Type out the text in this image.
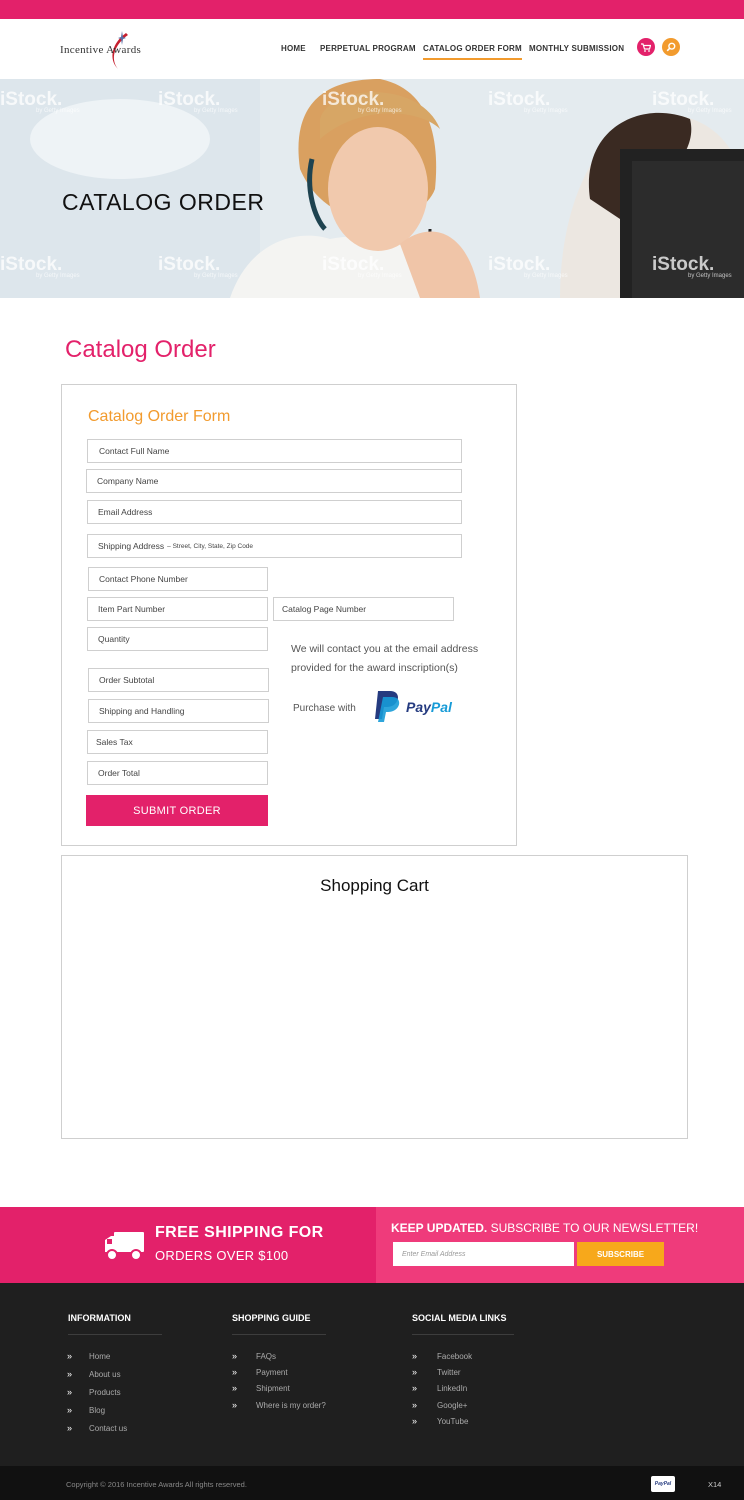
Incentive Awards	HOME PERPETUAL PROGRAM CATALOG ORDER FORM MONTHLY SUBMISSION
iStock.
by Getty Images
iStock.
by Getty Images
iStock.
by Getty Images
iStock.
by Getty Images
iStock.
by Getty Images
iStock.
by Getty Images
iStock.
by Getty Images
iStock.
by Getty Images
iStock.
by Getty Images
iStock.
by Getty Images
CATALOG ORDER
Catalog Order
Catalog Order Form
Contact Full Name
Company Name
Email Address
Shipping Address – Street, City, State, Zip Code
Contact Phone Number
Item Part Number	Catalog Page Number
Quantity
Order Subtotal
Shipping and Handling
Sales Tax
Order Total
We will contact you at the email address provided for the award inscription(s)
Purchase with	PayPal
SUBMIT ORDER
Shopping Cart
FREE SHIPPING FOR
ORDERS OVER $100
KEEP UPDATED. SUBSCRIBE TO OUR NEWSLETTER!
Enter Email Address	SUBSCRIBE
INFORMATION
» Home
» About us
» Products
» Blog
» Contact us
SHOPPING GUIDE
» FAQs
» Payment
» Shipment
» Where is my order?
SOCIAL MEDIA LINKS
» Facebook
» Twitter
» LinkedIn
» Google+
» YouTube
Copyright © 2016 Incentive Awards All rights reserved.	PayPal	X14
